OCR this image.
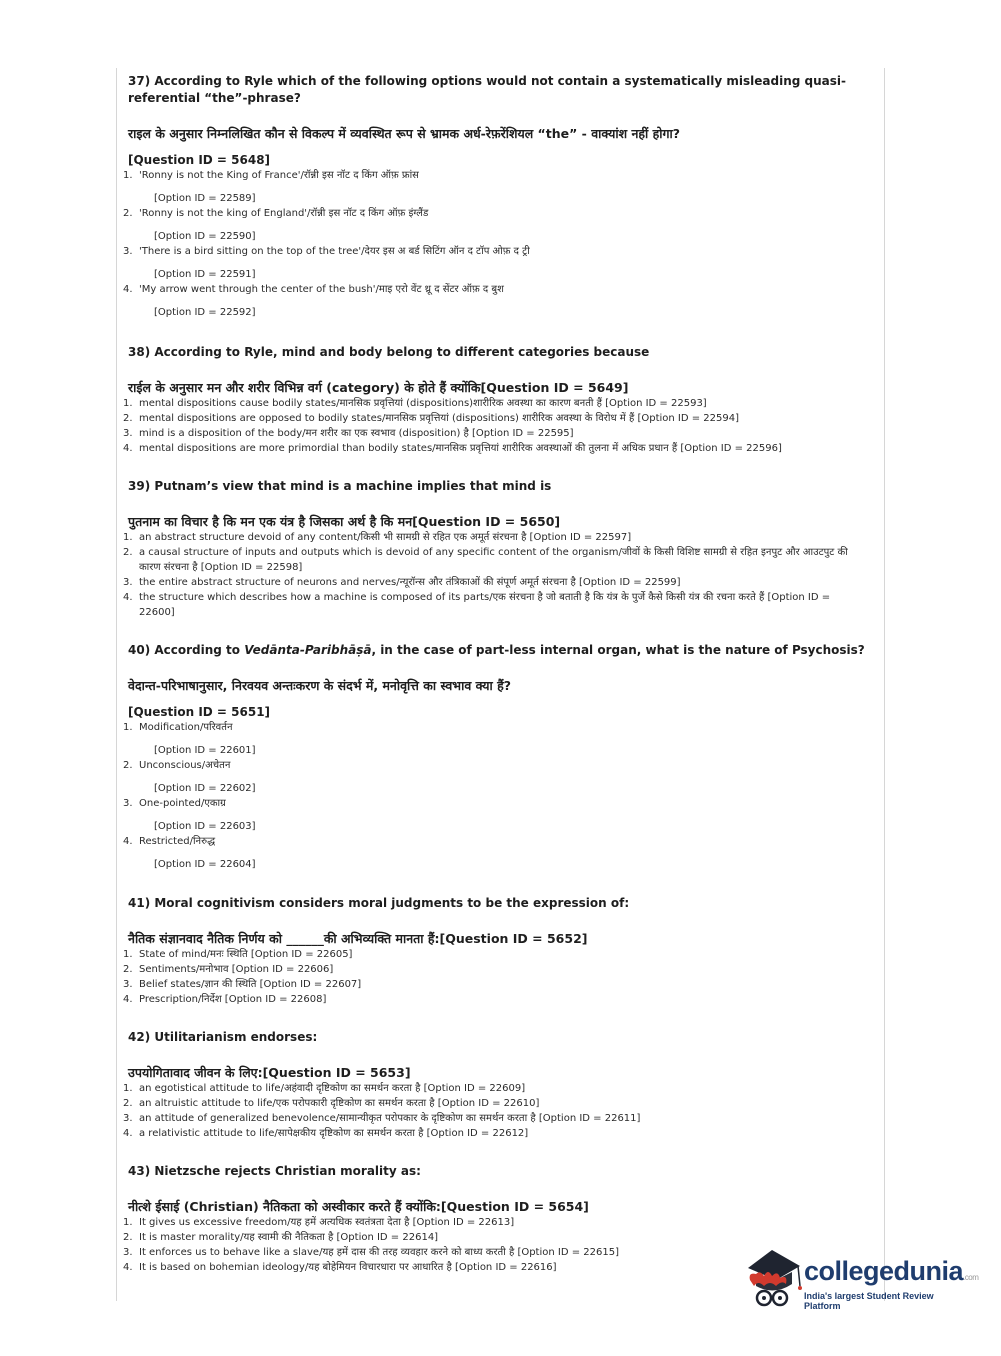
37) According to Ryle which of the following options would not contain a systematically misleading quasi-referential “the”-phrase?

राइल के अनुसार निम्नलिखित कौन से विकल्प में व्यवस्थित रूप से भ्रामक अर्ध-रेफ़रेंशियल “the” - वाक्यांश नहीं होगा?

[Question ID = 5648]

1. 'Ronny is not the King of France'/रॉन्नी इस नॉट द किंग ऑफ़ फ्रांस
[Option ID = 22589]
2. 'Ronny is not the king of England'/रॉन्नी इस नॉट द किंग ऑफ़ इंग्लैंड
[Option ID = 22590]
3. 'There is a bird sitting on the top of the tree'/देयर इस अ बर्ड सिटिंग ऑन द टॉप ओफ़ द ट्री
[Option ID = 22591]
4. 'My arrow went through the center of the bush'/माइ एरो वेंट थ्रू द सेंटर ऑफ़ द बुश
[Option ID = 22592]

38) According to Ryle, mind and body belong to different categories because

राईल के अनुसार मन और शरीर विभिन्न वर्ग (category) के होते हैं क्योंकि[Question ID = 5649]

1. mental dispositions cause bodily states/मानसिक प्रवृत्तियां (dispositions)शारीरिक अवस्था का कारण बनती हैं [Option ID = 22593]
2. mental dispositions are opposed to bodily states/मानसिक प्रवृत्तियां (dispositions) शारीरिक अवस्था के विरोध में हैं [Option ID = 22594]
3. mind is a disposition of the body/मन शरीर का एक स्वभाव (disposition) है [Option ID = 22595]
4. mental dispositions are more primordial than bodily states/मानसिक प्रवृत्तियां शारीरिक अवस्थाओं की तुलना में अधिक प्रधान हैं [Option ID = 22596]

39) Putnam’s view that mind is a machine implies that mind is

पुतनाम का विचार है कि मन एक यंत्र है जिसका अर्थ है कि मन[Question ID = 5650]

1. an abstract structure devoid of any content/किसी भी सामग्री से रहित एक अमूर्त संरचना है [Option ID = 22597]
2. a causal structure of inputs and outputs which is devoid of any specific content of the organism/जीवों के किसी विशिष्ट सामग्री से रहित इनपुट और आउटपुट की कारण संरचना है [Option ID = 22598]
3. the entire abstract structure of neurons and nerves/न्यूरॉन्स और तंत्रिकाओं की संपूर्ण अमूर्त संरचना है [Option ID = 22599]
4. the structure which describes how a machine is composed of its parts/एक संरचना है जो बताती है कि यंत्र के पुर्जे कैसे किसी यंत्र की रचना करते हैं [Option ID = 22600]

40) According to Vedānta-Paribhāṣā, in the case of part-less internal organ, what is the nature of Psychosis?

वेदान्त-परिभाषानुसार, निरवयव अन्तःकरण के संदर्भ में, मनोवृत्ति का स्वभाव क्या हैं?

[Question ID = 5651]

1. Modification/परिवर्तन
[Option ID = 22601]
2. Unconscious/अचेतन
[Option ID = 22602]
3. One-pointed/एकाग्र
[Option ID = 22603]
4. Restricted/निरुद्ध
[Option ID = 22604]

41) Moral cognitivism considers moral judgments to be the expression of:

नैतिक संज्ञानवाद नैतिक निर्णय को ______की अभिव्यक्ति मानता हैं:[Question ID = 5652]

1. State of mind/मनः स्थिति [Option ID = 22605]
2. Sentiments/मनोभाव [Option ID = 22606]
3. Belief states/ज्ञान की स्थिति [Option ID = 22607]
4. Prescription/निर्देश [Option ID = 22608]

42) Utilitarianism endorses:

उपयोगितावाद जीवन के लिए:[Question ID = 5653]

1. an egotistical attitude to life/अहंवादी दृष्टिकोण का समर्थन करता है [Option ID = 22609]
2. an altruistic attitude to life/एक परोपकारी दृष्टिकोण का समर्थन करता है [Option ID = 22610]
3. an attitude of generalized benevolence/सामान्यीकृत परोपकार के दृष्टिकोण का समर्थन करता है [Option ID = 22611]
4. a relativistic attitude to life/सापेक्षकीय दृष्टिकोण का समर्थन करता है [Option ID = 22612]

43) Nietzsche rejects Christian morality as:

नीत्शे ईसाई (Christian) नैतिकता को अस्वीकार करते हैं क्योंकि:[Question ID = 5654]

1. It gives us excessive freedom/यह हमें अत्यधिक स्वतंत्रता देता है [Option ID = 22613]
2. It is master morality/यह स्वामी की नैतिकता है [Option ID = 22614]
3. It enforces us to behave like a slave/यह हमें दास की तरह व्यवहार करने को बाध्य करती है [Option ID = 22615]
4. It is based on bohemian ideology/यह बोहेमियन विचारधारा पर आधारित है [Option ID = 22616]	collegedunia.com
India's largest Student Review Platform
